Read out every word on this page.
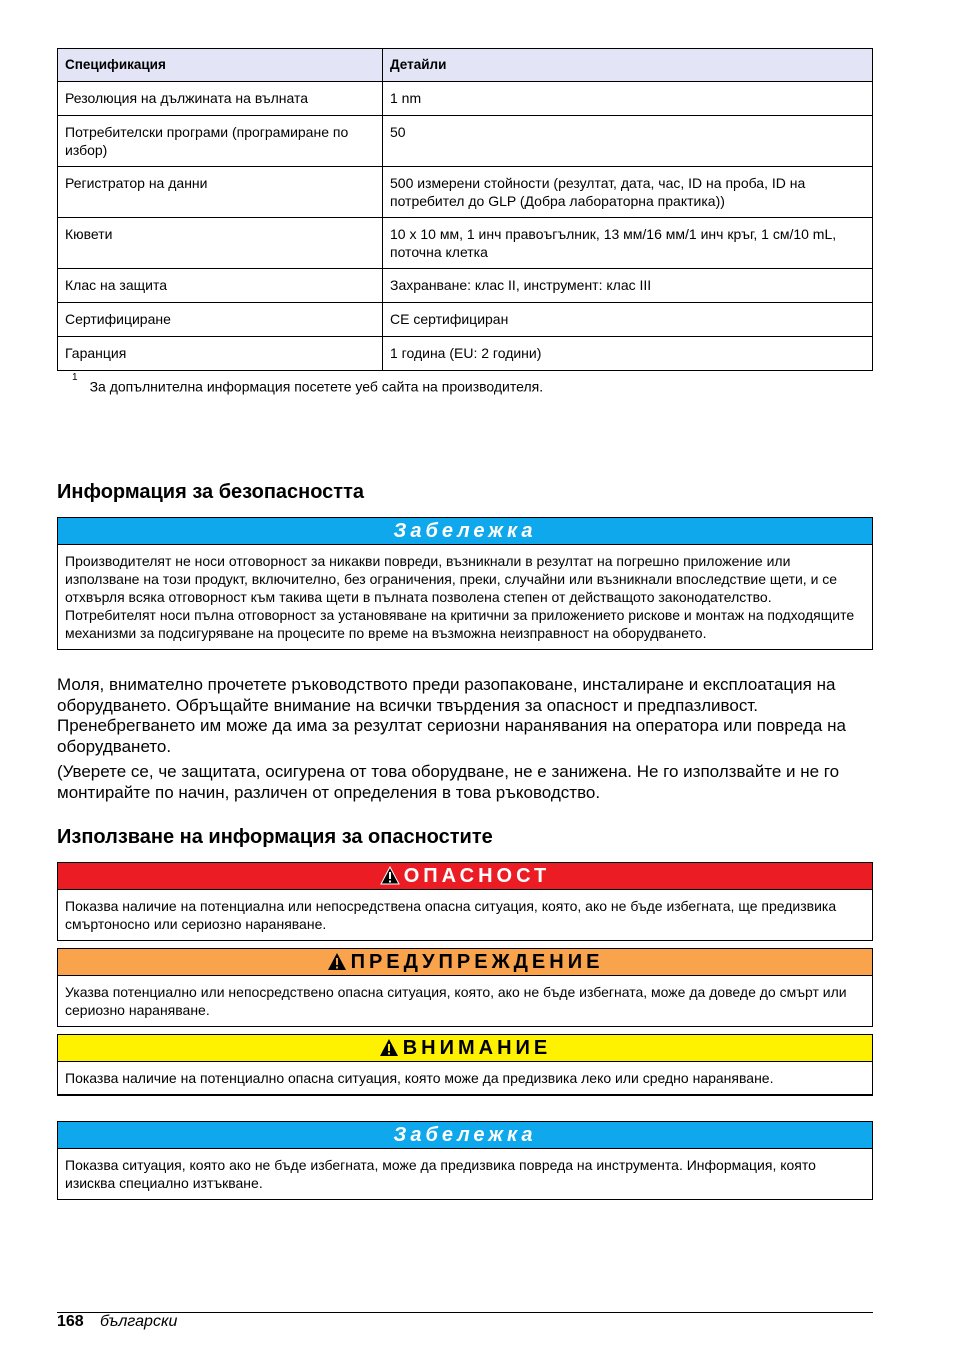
Спецификация	Детайли
Резолюция на дължината на вълната	1 nm
Потребителски програми (програмиране по избор)	50
Регистратор на данни	500 измерени стойности (резултат, дата, час, ID на проба, ID на потребител до GLP (Добра лабораторна практика))
Кювети	10 х 10 мм, 1 инч правоъгълник, 13 мм/16 мм/1 инч кръг, 1 см/10 mL, поточна клетка
Клас на защита	Захранване: клас II, инструмент: клас III
Сертифициране	CE сертифициран
Гаранция	1 година (EU: 2 години)
$^1$За допълнителна информация посетете уеб сайта на производителя.
Информация за безопасността
Забележка
Производителят не носи отговорност за никакви повреди, възникнали в резултат на погрешно приложение или използване на този продукт, включително, без ограничения, преки, случайни или възникнали впоследствие щети, и се отхвърля всяка отговорност към такива щети в пълната позволена степен от действащото законодателство. Потребителят носи пълна отговорност за установяване на критични за приложението рискове и монтаж на подходящите механизми за подсигуряване на процесите по време на възможна неизправност на оборудването.

Моля, внимателно прочетете ръководството преди разопаковане, инсталиране и експлоатация на оборудването. Обръщайте внимание на всички твърдения за опасност и предпазливост. Пренебрегването им може да има за резултат сериозни наранявания на оператора или повреда на оборудването.

(Уверете се, че защитата, осигурена от това оборудване, не е занижена. Не го използвайте и не го монтирайте по начин, различен от определения в това ръководство.

Използване на информация за опасностите
ОПАСНОСТ
Показва наличие на потенциална или непосредствена опасна ситуация, която, ако не бъде избегната, ще предизвика смъртоносно или сериозно нараняване.
ПРЕДУПРЕЖДЕНИЕ
Указва потенциално или непосредствено опасна ситуация, която, ако не бъде избегната, може да доведе до смърт или сериозно нараняване.
ВНИМАНИЕ
Показва наличие на потенциално опасна ситуация, която може да предизвика леко или средно нараняване.
Забележка
Показва ситуация, която ако не бъде избегната, може да предизвика повреда на инструмента. Информация, която изисква специално изтъкване.
168 български
